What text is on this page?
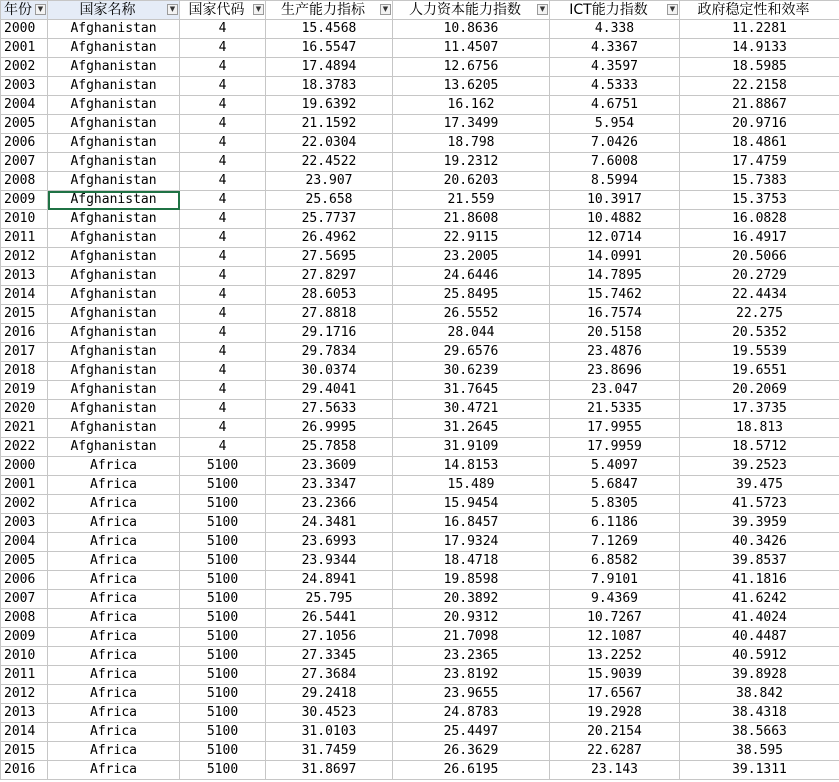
年份 ▼	国家名称 ▼	国家代码 ▼	生产能力指标 ▼	人力资本能力指数 ▼	ICT能力指数 ▼	政府稳定性和效率
2000	Afghanistan	4	15.4568	10.8636	4.338	11.2281
2001	Afghanistan	4	16.5547	11.4507	4.3367	14.9133
2002	Afghanistan	4	17.4894	12.6756	4.3597	18.5985
2003	Afghanistan	4	18.3783	13.6205	4.5333	22.2158
2004	Afghanistan	4	19.6392	16.162	4.6751	21.8867
2005	Afghanistan	4	21.1592	17.3499	5.954	20.9716
2006	Afghanistan	4	22.0304	18.798	7.0426	18.4861
2007	Afghanistan	4	22.4522	19.2312	7.6008	17.4759
2008	Afghanistan	4	23.907	20.6203	8.5994	15.7383
2009	Afghanistan	4	25.658	21.559	10.3917	15.3753
2010	Afghanistan	4	25.7737	21.8608	10.4882	16.0828
2011	Afghanistan	4	26.4962	22.9115	12.0714	16.4917
2012	Afghanistan	4	27.5695	23.2005	14.0991	20.5066
2013	Afghanistan	4	27.8297	24.6446	14.7895	20.2729
2014	Afghanistan	4	28.6053	25.8495	15.7462	22.4434
2015	Afghanistan	4	27.8818	26.5552	16.7574	22.275
2016	Afghanistan	4	29.1716	28.044	20.5158	20.5352
2017	Afghanistan	4	29.7834	29.6576	23.4876	19.5539
2018	Afghanistan	4	30.0374	30.6239	23.8696	19.6551
2019	Afghanistan	4	29.4041	31.7645	23.047	20.2069
2020	Afghanistan	4	27.5633	30.4721	21.5335	17.3735
2021	Afghanistan	4	26.9995	31.2645	17.9955	18.813
2022	Afghanistan	4	25.7858	31.9109	17.9959	18.5712
2000	Africa	5100	23.3609	14.8153	5.4097	39.2523
2001	Africa	5100	23.3347	15.489	5.6847	39.475
2002	Africa	5100	23.2366	15.9454	5.8305	41.5723
2003	Africa	5100	24.3481	16.8457	6.1186	39.3959
2004	Africa	5100	23.6993	17.9324	7.1269	40.3426
2005	Africa	5100	23.9344	18.4718	6.8582	39.8537
2006	Africa	5100	24.8941	19.8598	7.9101	41.1816
2007	Africa	5100	25.795	20.3892	9.4369	41.6242
2008	Africa	5100	26.5441	20.9312	10.7267	41.4024
2009	Africa	5100	27.1056	21.7098	12.1087	40.4487
2010	Africa	5100	27.3345	23.2365	13.2252	40.5912
2011	Africa	5100	27.3684	23.8192	15.9039	39.8928
2012	Africa	5100	29.2418	23.9655	17.6567	38.842
2013	Africa	5100	30.4523	24.8783	19.2928	38.4318
2014	Africa	5100	31.0103	25.4497	20.2154	38.5663
2015	Africa	5100	31.7459	26.3629	22.6287	38.595
2016	Africa	5100	31.8697	26.6195	23.143	39.1311
